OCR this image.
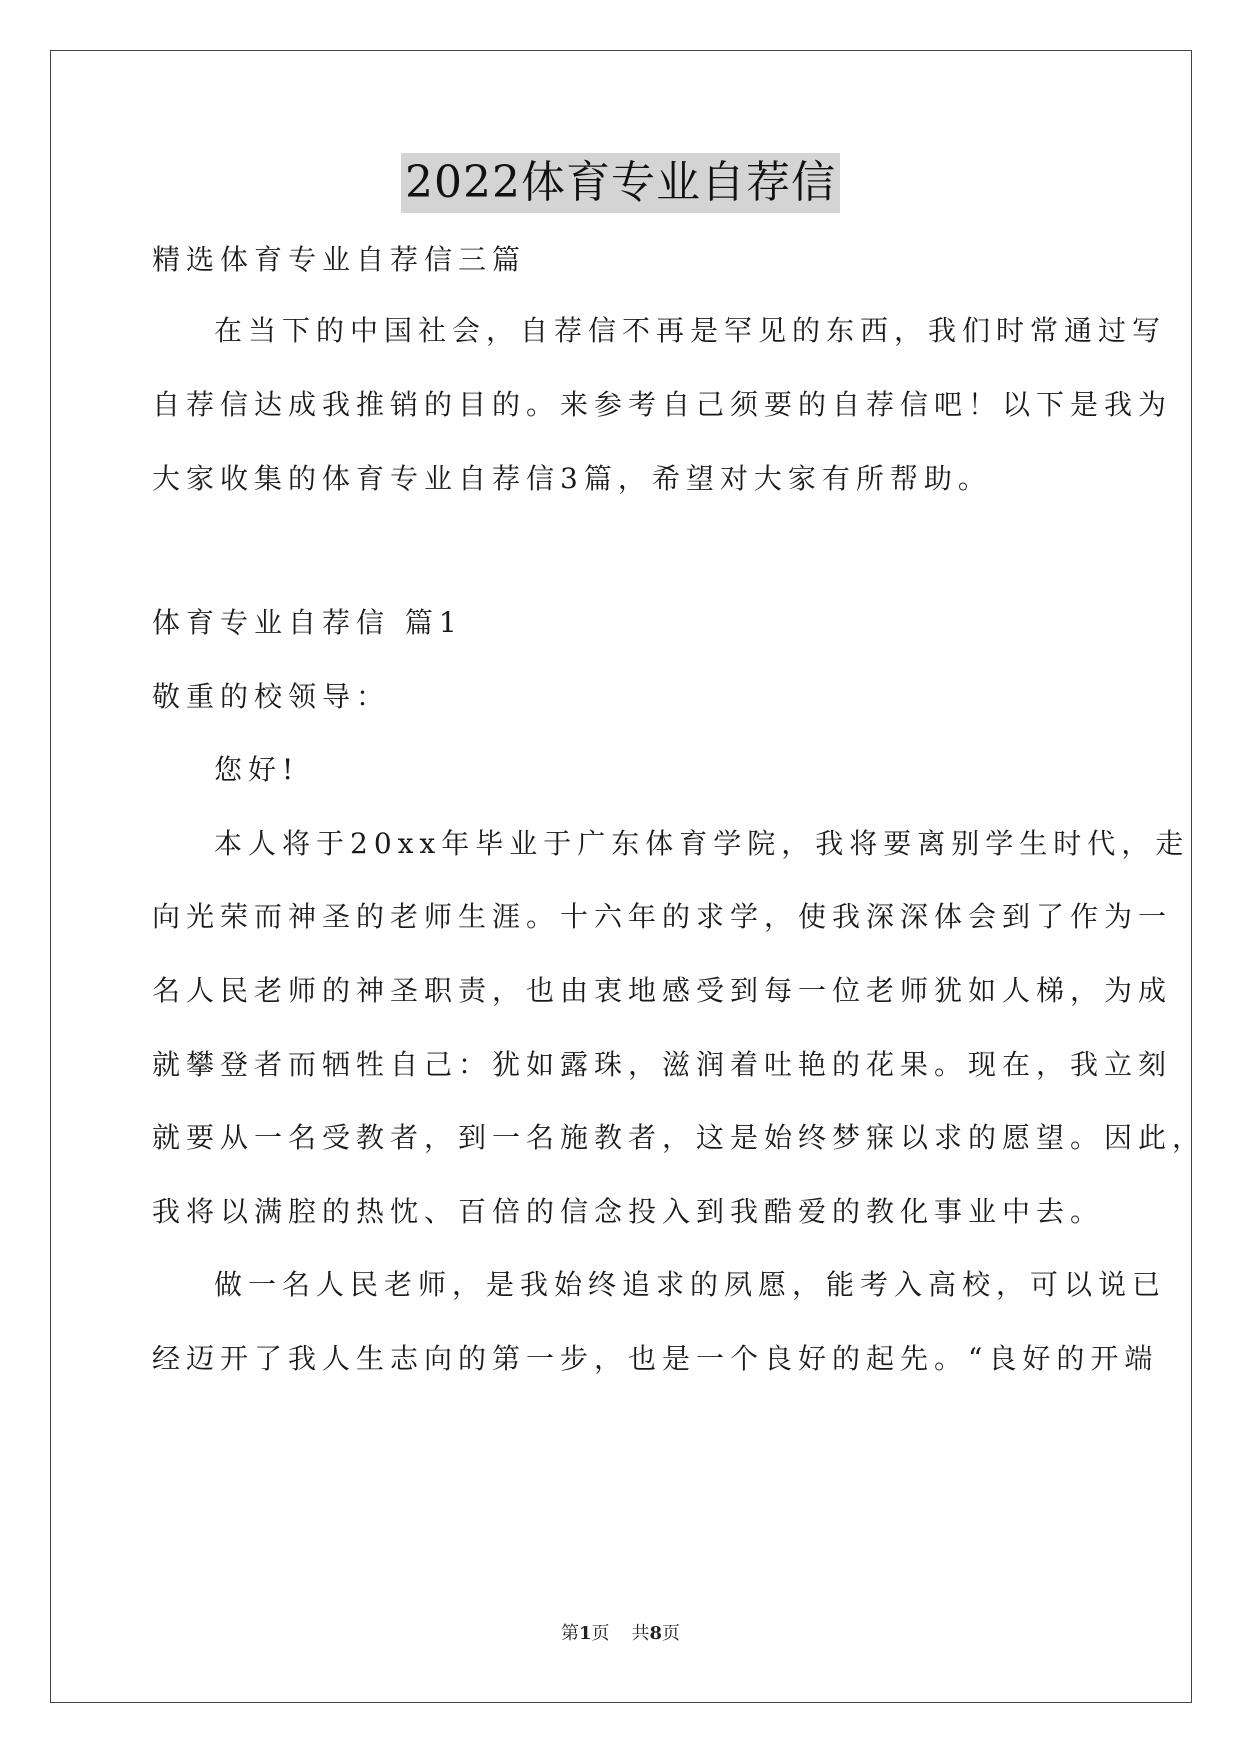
2022体育专业自荐信
精选体育专业自荐信三篇
在当下的中国社会，自荐信不再是罕见的东西，我们时常通过写
自荐信达成我推销的目的。来参考自己须要的自荐信吧！以下是我为
大家收集的体育专业自荐信3篇，希望对大家有所帮助。
体育专业自荐信 篇1
敬重的校领导：
您好!
本人将于20xx年毕业于广东体育学院，我将要离别学生时代，走
向光荣而神圣的老师生涯。十六年的求学，使我深深体会到了作为一
名人民老师的神圣职责，也由衷地感受到每一位老师犹如人梯，为成
就攀登者而牺牲自己：犹如露珠，滋润着吐艳的花果。现在，我立刻
就要从一名受教者，到一名施教者，这是始终梦寐以求的愿望。因此，
我将以满腔的热忱、百倍的信念投入到我酷爱的教化事业中去。
做一名人民老师，是我始终追求的夙愿，能考入高校，可以说已
经迈开了我人生志向的第一步，也是一个良好的起先。“良好的开端
第1页 共8页
